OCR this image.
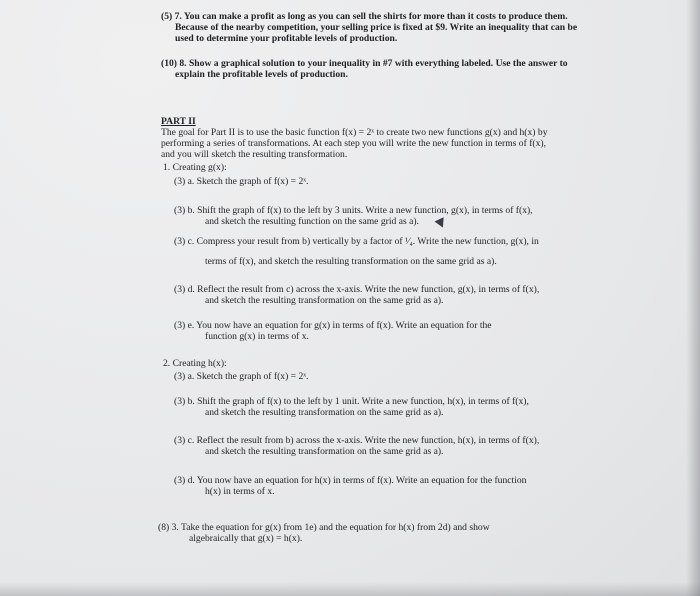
(5) 7. You can make a profit as long as you can sell the shirts for more than it costs to produce them.
Because of the nearby competition, your selling price is fixed at $9. Write an inequality that can be
used to determine your profitable levels of production.
(10) 8. Show a graphical solution to your inequality in #7 with everything labeled. Use the answer to
explain the profitable levels of production.
PART II
The goal for Part II is to use the basic function f(x) = 2ˣ to create two new functions g(x) and h(x) by
performing a series of transformations. At each step you will write the new function in terms of f(x),
and you will sketch the resulting transformation.
1. Creating g(x):
(3) a. Sketch the graph of f(x) = 2ˣ.
(3) b. Shift the graph of f(x) to the left by 3 units. Write a new function, g(x), in terms of f(x),
and sketch the resulting function on the same grid as a).
(3) c. Compress your result from b) vertically by a factor of ¹⁄₄. Write the new function, g(x), in
terms of f(x), and sketch the resulting transformation on the same grid as a).
(3) d. Reflect the result from c) across the x-axis. Write the new function, g(x), in terms of f(x),
and sketch the resulting transformation on the same grid as a).
(3) e. You now have an equation for g(x) in terms of f(x). Write an equation for the
function g(x) in terms of x.
2. Creating h(x):
(3) a. Sketch the graph of f(x) = 2ˣ.
(3) b. Shift the graph of f(x) to the left by 1 unit. Write a new function, h(x), in terms of f(x),
and sketch the resulting transformation on the same grid as a).
(3) c. Reflect the result from b) across the x-axis. Write the new function, h(x), in terms of f(x),
and sketch the resulting transformation on the same grid as a).
(3) d. You now have an equation for h(x) in terms of f(x). Write an equation for the function
h(x) in terms of x.
(8) 3. Take the equation for g(x) from 1e) and the equation for h(x) from 2d) and show
algebraically that g(x) = h(x).
